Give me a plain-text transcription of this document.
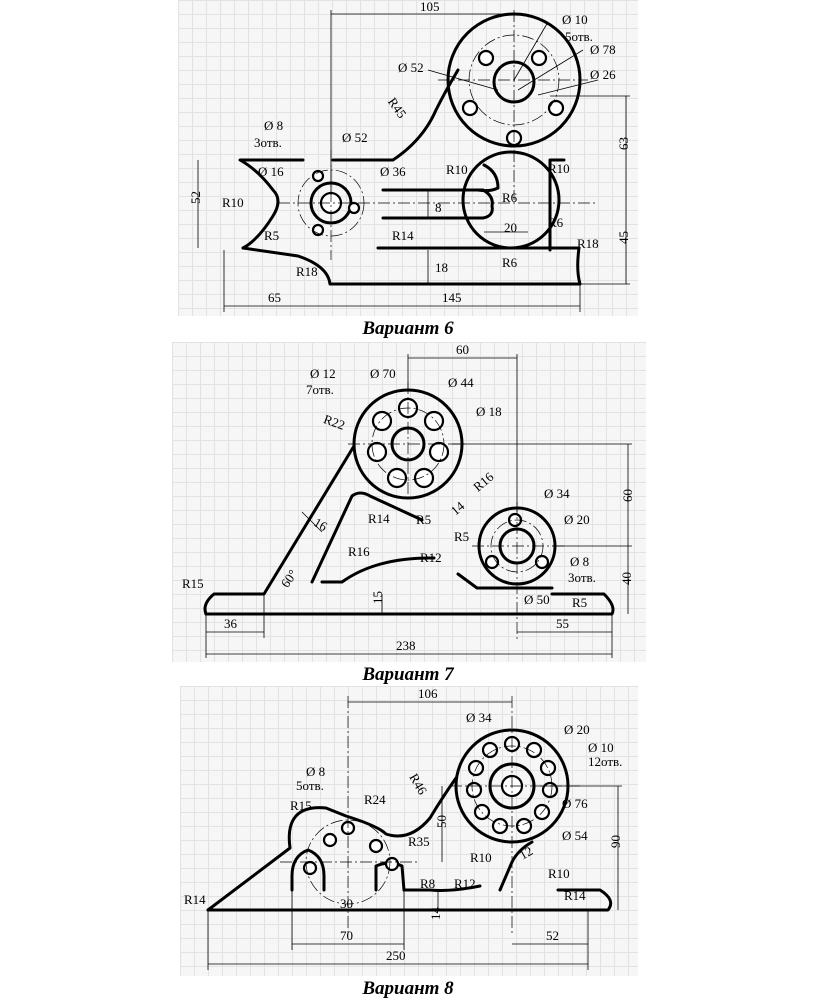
105
Ø 10
5отв.
Ø 78
Ø 52	Ø 26
R45
Ø 8
3отв.	Ø 52
Ø 16	Ø 36
R10
R10	R10
R6
R6
R6
R14
R5
R18
R18
8
18
20
52
63
45
65	145
Вариант 6
60
Ø 12
7отв.
Ø 70
Ø 44
Ø 18
R22
60
R16
R14 R5
14
16
R16
Ø 34
Ø 20
R5
R12	Ø 8
3отв.
Ø 50 R5
40
60°
R15
15
36	55
238
Вариант 7
106
Ø 34
Ø 20
Ø 10
12отв.
Ø 8
5отв.	R46
R15	R24	Ø 76
Ø 54
R35
50
R10 12
R10
R8 R12
R14	R14
90
30
14
70	52
250
Вариант 8
